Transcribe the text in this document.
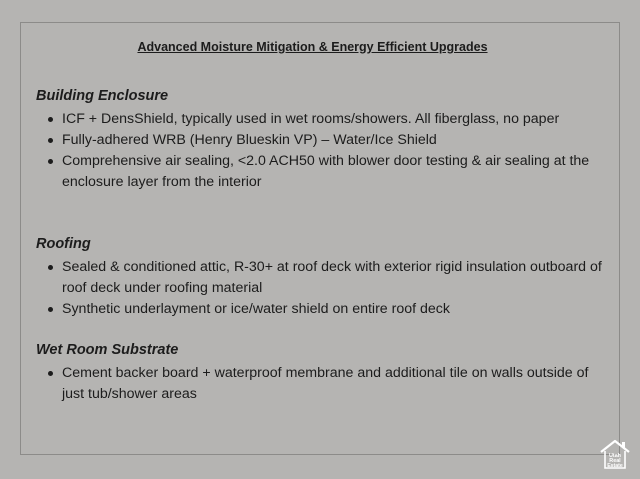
Advanced Moisture Mitigation & Energy Efficient Upgrades

Building Enclosure

ICF + DensShield, typically used in wet rooms/showers. All fiberglass, no paper
Fully-adhered WRB (Henry Blueskin VP) – Water/Ice Shield
Comprehensive air sealing, <2.0 ACH50 with blower door testing & air sealing at the enclosure layer from the interior

Roofing

Sealed & conditioned attic, R-30+ at roof deck with exterior rigid insulation outboard of roof deck under roofing material
Synthetic underlayment or ice/water shield on entire roof deck

Wet Room Substrate

Cement backer board + waterproof membrane and additional tile on walls outside of just tub/shower areas
Utah
Real
Estate
